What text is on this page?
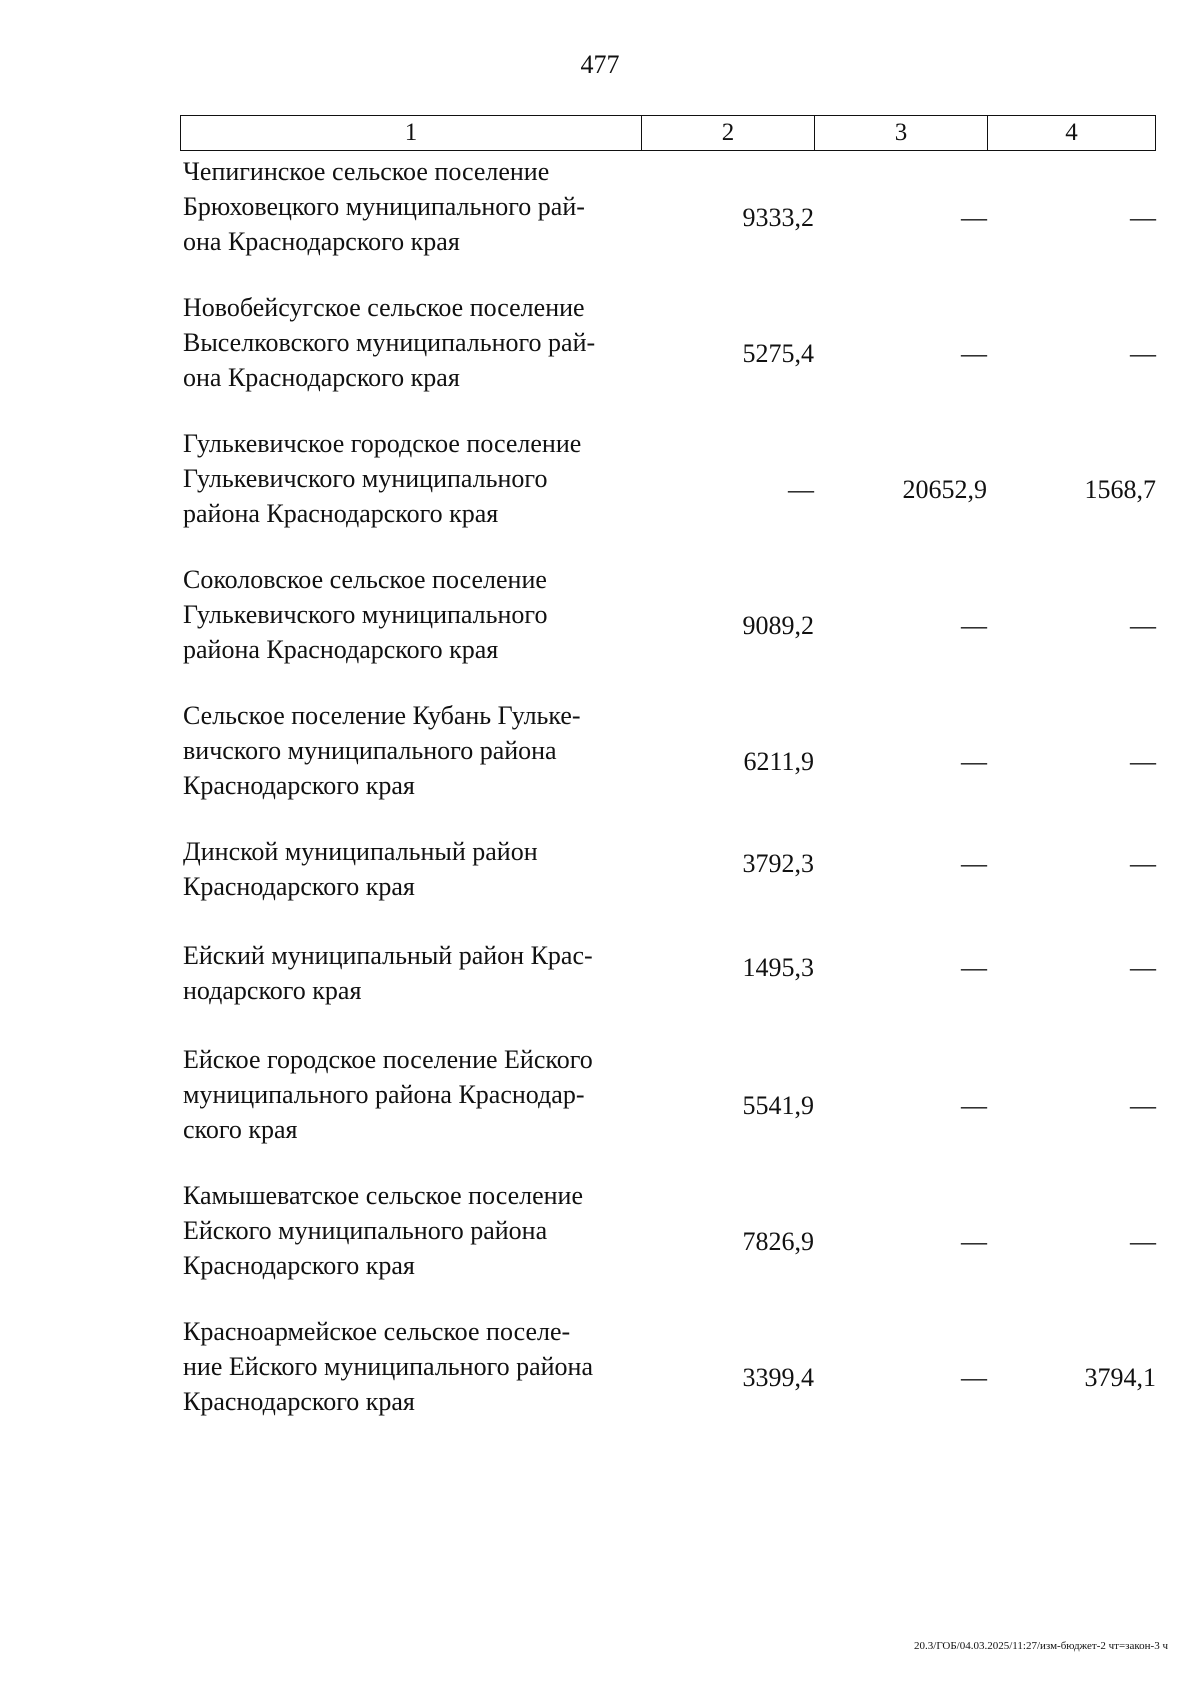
477
1	2	3	4
Чепигинское сельское поселение
Брюховецкого муниципального рай-
она Краснодарского края
9333,2	—	—
Новобейсугское сельское поселение
Выселковского муниципального рай-
она Краснодарского края
5275,4	—	—
Гулькевичское городское поселение
Гулькевичского муниципального
района Краснодарского края
—	20652,9	1568,7
Соколовское сельское поселение
Гулькевичского муниципального
района Краснодарского края
9089,2	—	—
Сельское поселение Кубань Гульке-
вичского муниципального района
Краснодарского края
6211,9	—	—
Динской муниципальный район
Краснодарского края
3792,3	—	—
Ейский муниципальный район Крас-
нодарского края
1495,3	—	—
Ейское городское поселение Ейского
муниципального района Краснодар-
ского края
5541,9	—	—
Камышеватское сельское поселение
Ейского муниципального района
Краснодарского края
7826,9	—	—
Красноармейское сельское поселе-
ние Ейского муниципального района
Краснодарского края
3399,4	—	3794,1
20.3/ГОБ/04.03.2025/11:27/изм-бюджет-2 чт=закон-3 ч
